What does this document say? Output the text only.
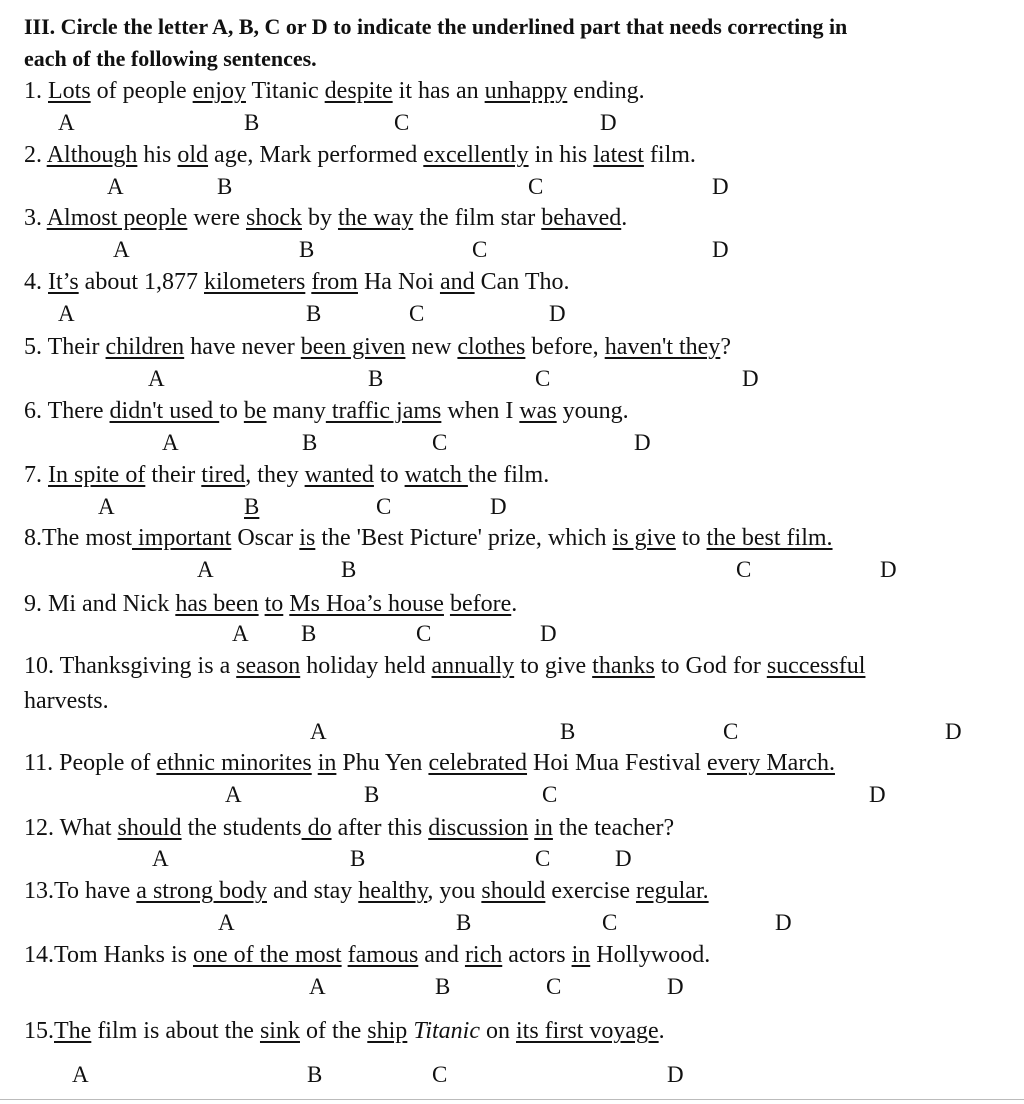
III. Circle the letter A, B, C or D to indicate the underlined part that needs correcting in
each of the following sentences.
1. Lots of people enjoy Titanic despite it has an unhappy ending.
A	B	C	D
2. Although his old age, Mark performed excellently in his latest film.
A	B	C	D
3. Almost people were shock by the way the film star behaved.
A	B	C	D
4. It’s about 1,877 kilometers from Ha Noi and Can Tho.
A	B	C	D
5. Their children have never been given new clothes before, haven't they?
A	B	C	D
6. There didn't used to be many traffic jams when I was young.
A	B	C	D
7. In spite of their tired, they wanted to watch the film.
A	B	C	D
8.The most important Oscar is the 'Best Picture' prize, which is give to the best film.
A	B	C	D
9. Mi and Nick has been to Ms Hoa’s house before.
A B	C	D
10. Thanksgiving is a season holiday held annually to give thanks to God for successful
harvests.
A	B	C	D
11. People of ethnic minorites in Phu Yen celebrated Hoi Mua Festival every March.
A	B	C	D
12. What should the students do after this discussion in the teacher?
A	B	C	D
13.To have a strong body and stay healthy, you should exercise regular.
A	B	C	D
14.Tom Hanks is one of the most famous and rich actors in Hollywood.
A	B	C	D
15.The film is about the sink of the ship Titanic on its first voyage.
A	B	C	D
